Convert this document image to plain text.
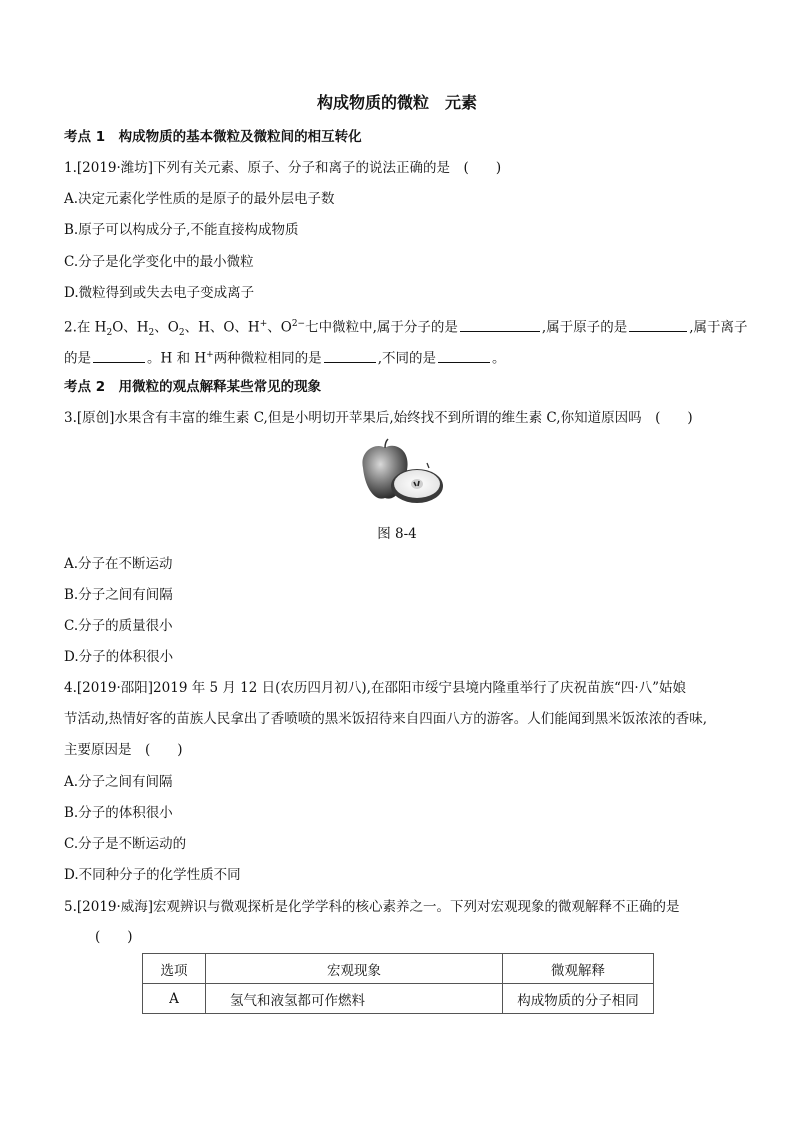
构成物质的微粒　元素
考点 1　构成物质的基本微粒及微粒间的相互转化
1.[2019·潍坊]下列有关元素、原子、分子和离子的说法正确的是　(　　)
A.决定元素化学性质的是原子的最外层电子数
B.原子可以构成分子,不能直接构成物质
C.分子是化学变化中的最小微粒
D.微粒得到或失去电子变成离子
2.在 $H_2O$、$H_2$、$O_2$、H、O、H+、$O^{2-}$七中微粒中,属于分子的是	,属于原子的是	,属于离子
的是	。H 和 H+两种微粒相同的是	,不同的是	。
考点 2　用微粒的观点解释某些常见的现象
3.[原创]水果含有丰富的维生素 C,但是小明切开苹果后,始终找不到所谓的维生素 C,你知道原因吗　(　　)
图 8-4
A.分子在不断运动
B.分子之间有间隔
C.分子的质量很小
D.分子的体积很小
4.[2019·邵阳]2019 年 5 月 12 日(农历四月初八),在邵阳市绥宁县境内隆重举行了庆祝苗族“四·八”姑娘
节活动,热情好客的苗族人民拿出了香喷喷的黑米饭招待来自四面八方的游客。人们能闻到黑米饭浓浓的香味,
主要原因是　(　　)
A.分子之间有间隔
B.分子的体积很小
C.分子是不断运动的
D.不同种分子的化学性质不同
5.[2019·威海]宏观辨识与微观探析是化学学科的核心素养之一。下列对宏观现象的微观解释不正确的是
(　　)
选项	宏观现象	微观解释
A	氢气和液氢都可作燃料	构成物质的分子相同
